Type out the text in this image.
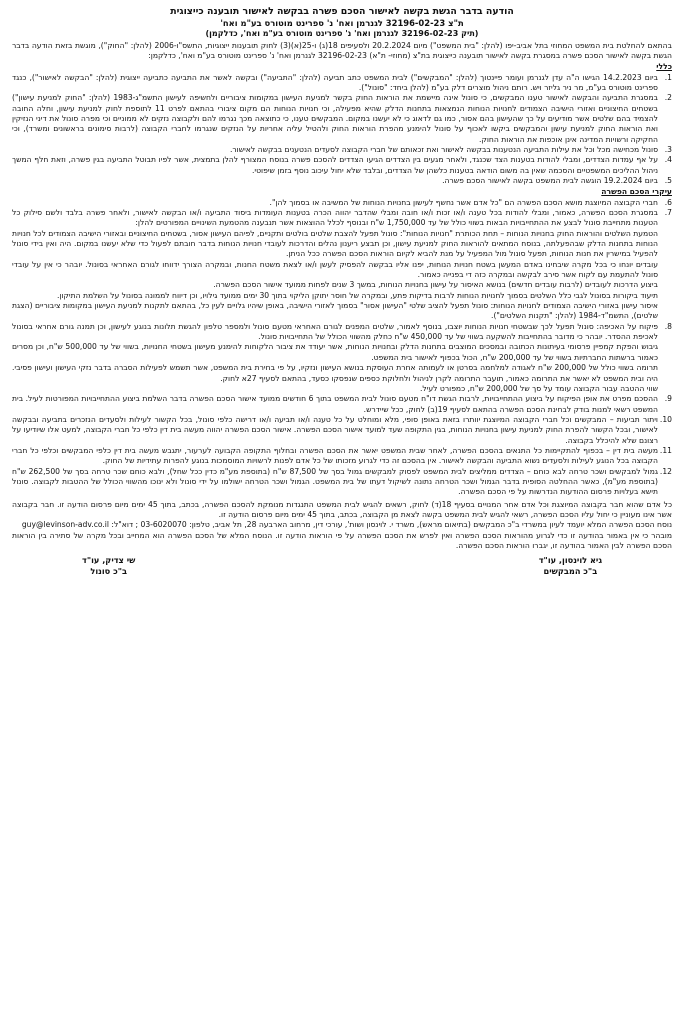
הודעה בדבר הגשת בקשה לאישור הסכם פשרה בבקשה לאישור תובענה כייצוגית
ת"צ 32196-02-23 לגנרמן ואח' נ' ספרינט מוטורס בע"מ ואח'
(תיק 32196-02-23 לגנרמן ואח' נ' ספרינט מוטורס בע"מ ואח', כדלקמן)

בהתאם להחלטת בית המשפט המחוזי בתל אביב-יפו (להלן: "בית המשפט") מיום 20.2.2024 ולסעיפים 18(ג) ו-25(א)(3) לחוק תובענות ייצוגיות, התשס"ו-2006 (להלן: "החוק"), מוגשת בזאת הודעה בדבר הגשת בקשה לאישור הסכם פשרה במסגרת בקשה לאישור תובענה כייצוגית בת"צ (מחוזי- ת"א) 32196-02-23 לגנרמן ואח' נ' ספרינט מוטורס בע"מ ואח', כדלקמן:

כללי
1.
ביום 14.2.2023 הגישו ה"ה עדן לגנרמן ועומר פיינטוך (להלן: "המבקשים") לבית המשפט כתב תביעה (להלן: "התביעה") ובקשה לאשר את התביעה כתביעה ייצוגית (להלן: "הבקשה לאישור"), כנגד ספרינט מוטורס בע"מ, מר ניר גליזר ויש. רותם ניהול מוצרים דלק בע"מ (להלן ביחד: "סונול").
2.
במסגרת התביעה והבקשה לאישור טענו המבקשים, כי סונול אינה מיישמת את הוראות החוק בקשר למניעת העישון במקומות ציבוריים ולחשיפה לעישון התשמ"ג-1983 (להלן: "החוק למניעת עישון") בשטחים החיצוניים ואזורי הישיבה הצמודים לחנויות הנוחות הנמצאות בתחנות הדלק שהיא מפעילה, וכי חנויות הנוחות הם מקום ציבורי בהתאם לפרט 11 לתוספת לחוק למניעת עישון, וחלה החובה להצמיד בהם שלטים אשר מודיעים על כך שהעישון בהם אסור, כמו גם לדאוג כי לא יעשנו במקום. המבקשים טענו, כי כתוצאה מכך נגרמו להם ולקבוצה נזקים לא ממוניים וכי מפרה סונול את דיני הנזיקין ואת הוראות החוק למניעת עישון והמבקשים ביקשו לאכוף על סונול להימנע מהפרת הוראות החוק ולהטיל עליה אחריות על הנזקים שנגרמו לחברי הקבוצה (לרבות סימונים בראשונים ומשרד), וכי החקיקה ורשויות המדינה אינן אוכפות את הוראות החוק.
3.
סונול מכחישה מכל וכל את עילות התביעה הנטענות בבקשה לאישור ואת זכאותם של חברי הקבוצה לסעדים הנטענים בבקשה לאישור.
4.
על אף עמדות הצדדים, ומבלי להודות בטענות הצד שכנגד, ולאחר מגעים בין הצדדים הגיעו הצדדים להסכם פשרה בנוסח המצורף להלן בתמצית, אשר לפיו תבוטל התביעה בגין פשרה, וזאת חלף המשך ניהול ההליכים המשפטיים והסכמה שאין בה משום הודאה בטענות כלשהן של הצדדים, ובלבד שלא יחול עיכוב נוסף בזמן שיפוטי.
5.
ביום 19.2.2024 הוגשה לבית המשפט בקשה לאישור הסכם פשרה.
עיקרי הסכם הפשרה
6.
חברי הקבוצה המיוצגת מושא הסכם הפשרה הם "כל אדם אשר נחשף לעישון בחנויות הנוחות של המשיבה או בסמוך להן".
7.

במסגרת הסכם הפשרה, כאמור, ומבלי להודות בכל טענה ו/או זכות ו/או חובה ומבלי שהדבר יהווה הכרה בטענות העומדות ביסוד התביעה ו/או הבקשה לאישור, ולאחר פשרה בלבד ולשם סילוק כל הטענות מתחייבת סונול לבצע את ההתחייבויות הבאות בשווי כולל של עד 1,750,000 ש"ח ובנוסף לכלל ההוצאות אשר תנבענה מהטמעת השינויים המפורטים להלן:

הטמעת השלטים והוראות החוק בחנויות הנוחות – תחת הכותרת "חנויות הנוחות": סונול תפעל להצבת שלטים בולטים ותקניים, לפיהם העישון אסור, בשטחים החיצוניים ובאזורי הישיבה הצמודים לכל חנויות הנוחות בתחנות הדלק שבהפעלתה, בנוסח המתאים להוראות החוק למניעת עישון, וכן תבצע ריענון נהלים והדרכות לעובדי חנויות הנוחות בדבר חובתם לפעול כדי שלא יעשנו במקום. היה ואין בידי סונול להפעיל במישרין את חנות הנוחות, תפעל סונול מול המפעיל על מנת להביא לקיום הוראות הסכם הפשרה ככל הניתן.

עובדים יונחו כי בכל מקרה שיבחינו באדם המעשן בשטח חנויות הנוחות, יפנו אליו בבקשה להפסיק לעשן ו/או לצאת משטח החנות, ובמקרה הצורך ידווחו לגורם האחראי בסונול. יובהר כי אין על עובדי סונול להתעמת עם לקוח אשר סירב לבקשה ובמקרה כזה די בפנייה כאמור.

ביצוע הדרכות לעובדים (לרבות עובדים חדשים) בנושא האיסור על עישון בחנויות הנוחות, במשך 3 שנים לפחות ממועד אישור הסכם הפשרה.

תיעוד ביקורות בסונול לגבי כלל השלטים בסמוך לחנויות הנוחות לרבות בדיקות פתע, ובמקרה של חוסר יתוקן הליקוי בתוך 30 ימים ממועד גילויו, וכן דיווח לממונה בסונול על השלמת התיקון.

איסור עישון באזורי הישיבה הצמודים לחנויות הנוחות: סונול תפעל להציב שלטי "העישון אסור" בסמוך לאזורי הישיבה, באופן שיהיו גלויים לעין כל, בהתאם לתקנות למניעת העישון במקומות ציבוריים (הצגת שלטים), התשמ"ד-1984 (להלן: "תקנות השלטים").

8.

פיקוח על האכיפה: סונול תפעל לכך שבשטחי חנויות הנוחות יוצבו, בנוסף לאמור, שלטים המפנים לגורם האחראי מטעם סונול ולמספר טלפון להגשת תלונות בנוגע לעישון, וכן תמנה גורם אחראי בסונול לאכיפת ההסדר. יובהר כי מדובר בהתחייבות להשקעה בשווי של עד 450,000 ש"ח כחלק מהשווי הכולל של התחייבויות סונול.

גיבוש והפקת קמפיין פרסומי בעיתונות הכתובה ובמסכים המוצבים בתחנות הדלק ובחנויות הנוחות, אשר יעודד את ציבור הלקוחות להימנע מעישון בשטחי החנויות, בשווי של עד 500,000 ש"ח, וכן מסרים כאמור ברשתות החברתיות בשווי של עד 200,000 ש"ח, הכול בכפוף לאישור בית המשפט.

תרומה בשווי כולל של 200,000 ש"ח לאגודה למלחמה בסרטן או לעמותה אחרת העוסקת בנושא העישון ונזקיו, על פי בחירת בית המשפט, אשר תשמש לפעילות הסברה בדבר נזקי העישון ועישון פסיבי. היה ובית המשפט לא יאשר את התרומה כאמור, תועבר התרומה לקרן לניהול ולחלוקת כספים שנפסקו כסעד, בהתאם לסעיף 27א לחוק.

שווי ההטבה עבור הקבוצה עומד על סך של 200,000 ש"ח, כמפורט לעיל.

9.
ההסכם מפרט את אופן הפיקוח על ביצוע ההתחייבויות, לרבות הגשת דו"ח מטעם סונול לבית המשפט בתוך 6 חודשים ממועד אישור הסכם הפשרה בדבר השלמת ביצוע ההתחייבויות המפורטות לעיל. בית המשפט רשאי למנות בודק לבחינת הסכם הפשרה בהתאם לסעיף 19(ב) לחוק, ככל שיידרש.
10.
ויתור תביעות – המבקשים וכל חברי הקבוצה המיוצגת יוותרו בזאת באופן סופי, מלא ומוחלט על כל טענה ו/או תביעה ו/או דרישה כלפי סונול, בכל הקשור לעילות ולסעדים הנזכרים בתביעה ובבקשה לאישור, ובכל הקשור להפרת החוק למניעת עישון בחנויות הנוחות, בגין התקופה שעד למועד אישור הסכם הפשרה. אישור הסכם הפשרה יהווה מעשה בית דין כלפי כל חברי הקבוצה, למעט אלו שיודיעו על רצונם שלא להיכלל בקבוצה.
11.
מעשה בית דין – בכפוף להתקיימות כל התנאים בהסכם הפשרה, לאחר שבית המשפט יאשר את הסכם הפשרה ובחלוף התקופה הקבועה לערעור, יתגבש מעשה בית דין כלפי המבקשים וכלפי כל חברי הקבוצה בכל הנוגע לעילות ולסעדים נשוא התביעה והבקשה לאישור. אין בהסכם זה כדי לגרוע מזכותו של כל אדם לפנות לרשויות המוסמכות בנוגע להפרות עתידיות של החוק.
12.
גמול למבקשים ושכר טרחה לבא כוחם – הצדדים ממליצים לבית המשפט לפסוק למבקשים גמול בסך של 87,500 ש"ח (בתוספת מע"מ כדין ככל שחל), ולבא כוחם שכר טרחה בסך של 262,500 ש"ח (בתוספת מע"מ), כאשר ההחלטה הסופית בדבר הגמול ושכר הטרחה נתונה לשיקול דעתו של בית המשפט. הגמול ושכר הטרחה ישולמו על ידי סונול ולא ינוכו מהשווי הכולל של ההטבות לקבוצה. סונול תישא בעלויות פרסום ההודעות הנדרשות על פי הסכם הפשרה.

כל אדם שהוא חבר בקבוצה המיוצגת וכל אדם אחר המנויים בסעיף 18(ד) לחוק, רשאים להגיש לבית המשפט התנגדות מנומקת להסכם הפשרה, בכתב, בתוך 45 ימים מיום פרסום הודעה זו. חבר בקבוצה אשר אינו מעוניין כי יחול עליו הסכם הפשרה, רשאי להגיש לבית המשפט בקשה לצאת מן הקבוצה, בכתב, בתוך 45 ימים מיום פרסום הודעה זו.

נוסח הסכם הפשרה המלא יועמד לעיון במשרדי ב"כ המבקשים (בתיאום מראש), משרד י. לוינסון ושות', עורכי דין, מרחוב הארבעה 28, תל אביב, טלפון: 03-6020070 ; דוא"ל: guy@levinson-adv.co.il

מובהר כי אין באמור בהודעה זו כדי לגרוע מהוראות הסכם הפשרה ואין לפרש את הסכם הפשרה על פי הוראות הודעה זו. הנוסח המלא של הסכם הפשרה הוא המחייב ובכל מקרה של סתירה בין הוראות הסכם הפשרה לבין האמור בהודעה זו, יגברו הוראות הסכם הפשרה.

גיא לוינסון, עו"ד
ב"כ המבקשים
שי צדיק, עו"ד
ב"כ סונול
